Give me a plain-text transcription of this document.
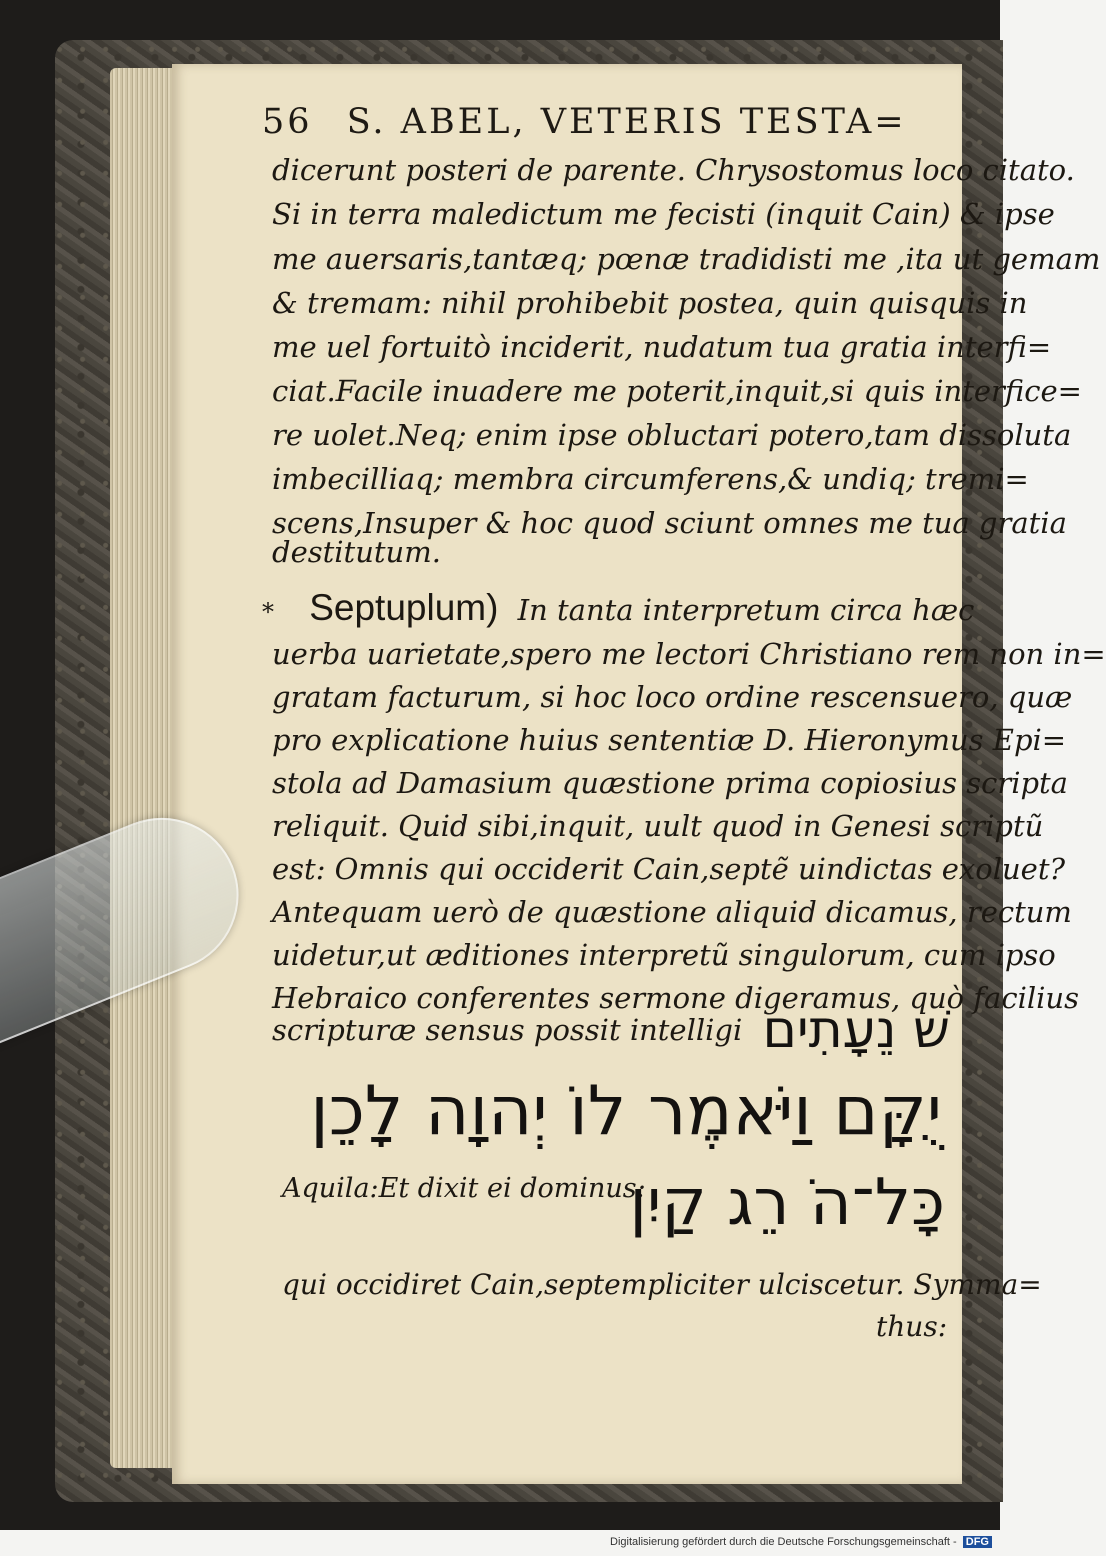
56 S. ABEL, VETERIS TESTA=
dicerunt posteri de parente. Chrysostomus loco citato.
Si in terra maledictum me fecisti (inquit Cain) & ipse
me auersaris,tantæq; pœnæ tradidisti me ,ita ut gemam
& tremam: nihil prohibebit postea, quin quisquis in
me uel fortuitò inciderit, nudatum tua gratia interfi=
ciat.Facile inuadere me poterit,inquit,si quis interfice=
re uolet.Neq; enim ipse obluctari potero,tam dissoluta
imbecilliaq; membra circumferens,& undiq; tremi=
scens,Insuper & hoc quod sciunt omnes me tua gratia
destitutum.
* Septuplum) In tanta interpretum circa hæc
uerba uarietate,spero me lectori Christiano rem non in=
gratam facturum, si hoc loco ordine rescensuero, quæ
pro explicatione huius sententiæ D. Hieronymus Epi=
stola ad Damasium quæstione prima copiosius scripta
reliquit. Quid sibi,inquit, uult quod in Genesi scriptũ
est: Omnis qui occiderit Cain,septẽ uindictas exoluet?
Antequam uerò de quæstione aliquid dicamus, rectum
uidetur,ut æditiones interpretũ singulorum, cum ipso
Hebraico conferentes sermone digeramus, quò facilius
scripturæ sensus possit intelligi שׁ נֵעָתִים
יֻקָּם וַיֹּאמֶר לוֹ יְהוָה לָכֵן
Aquila:Et dixit ei dominus:
כָּל־הֹ רֵג קַיִן
qui occidiret Cain,septempliciter ulciscetur. Symma=
thus:
Digitalisierung gefördert durch die Deutsche Forschungsgemeinschaft - DFG
